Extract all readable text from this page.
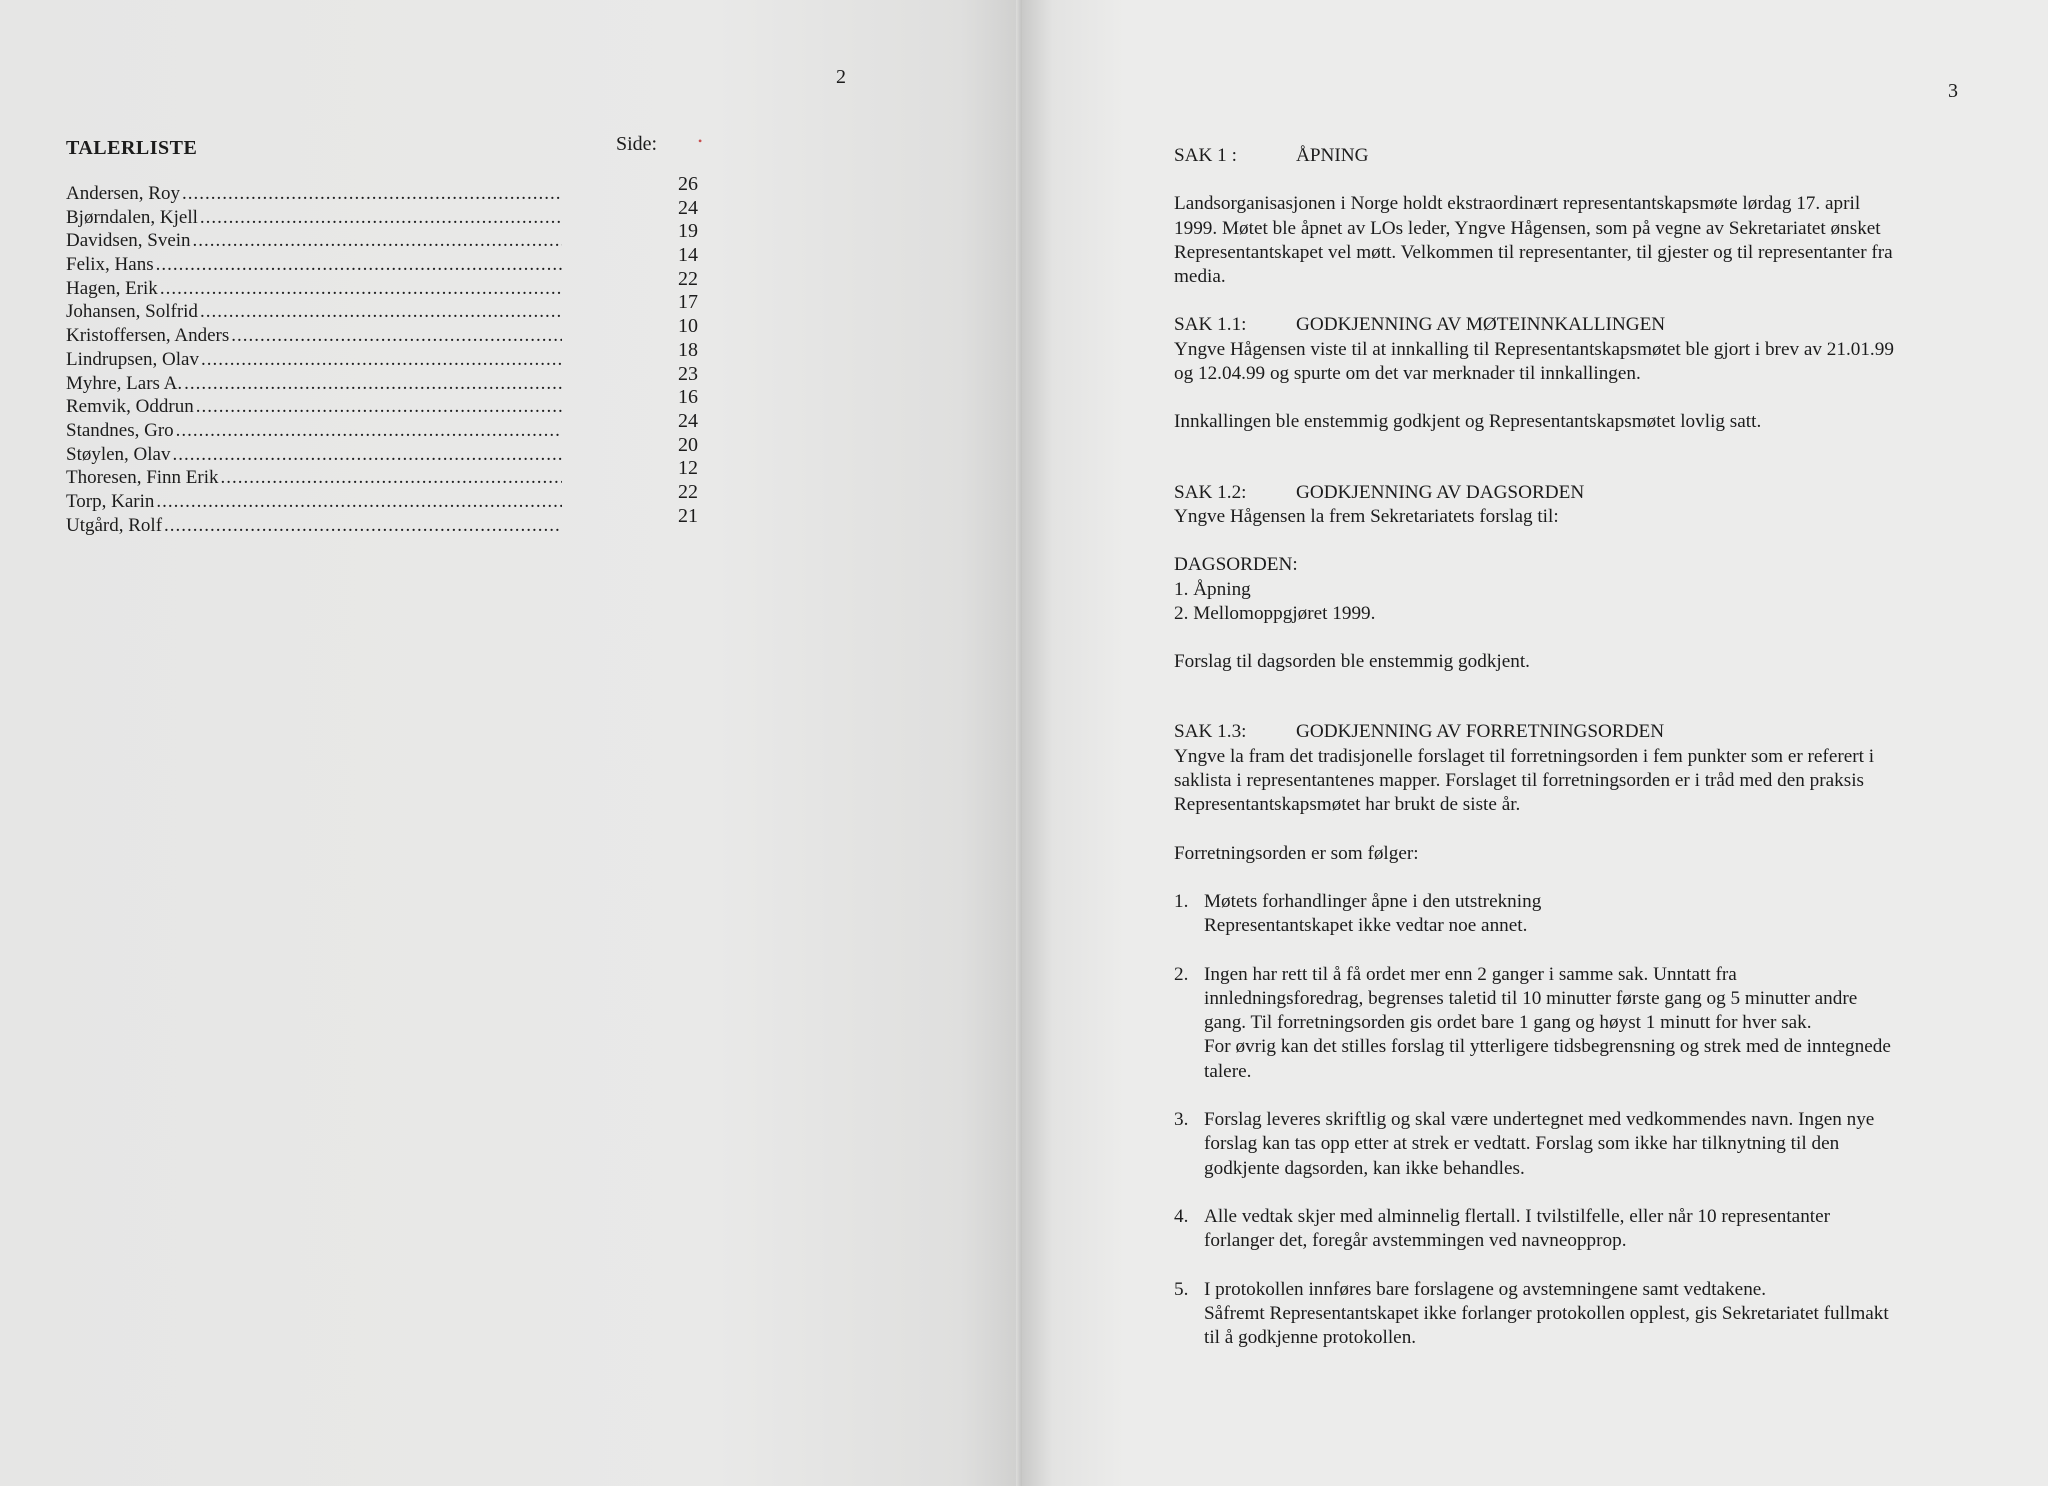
2
TALERLISTE	Side:	•
Andersen, Roy .....	26
Bjørndalen, Kjell .....	24
Davidsen, Svein .....	19
Felix, Hans .....	14
Hagen, Erik .....	22
Johansen, Solfrid .....	17
Kristoffersen, Anders .....	10
Lindrupsen, Olav .....	18
Myhre, Lars A. .....	23
Remvik, Oddrun .....	16
Standnes, Gro .....	24
Støylen, Olav .....	20
Thoresen, Finn Erik .....	12
Torp, Karin .....	22
Utgård, Rolf .....	21
3
SAK 1 :	ÅPNING

Landsorganisasjonen i Norge holdt ekstraordinært representantskapsmøte lørdag 17. april
1999. Møtet ble åpnet av LOs leder, Yngve Hågensen, som på vegne av Sekretariatet ønsket
Representantskapet vel møtt. Velkommen til representanter, til gjester og til representanter fra
media.

SAK 1.1:	GODKJENNING AV MØTEINNKALLINGEN

Yngve Hågensen viste til at innkalling til Representantskapsmøtet ble gjort i brev av 21.01.99
og 12.04.99 og spurte om det var merknader til innkallingen.

Innkallingen ble enstemmig godkjent og Representantskapsmøtet lovlig satt.

SAK 1.2:	GODKJENNING AV DAGSORDEN

Yngve Hågensen la frem Sekretariatets forslag til:

DAGSORDEN:

1. Åpning

2. Mellomoppgjøret 1999.

Forslag til dagsorden ble enstemmig godkjent.

SAK 1.3:	GODKJENNING AV FORRETNINGSORDEN

Yngve la fram det tradisjonelle forslaget til forretningsorden i fem punkter som er referert i
saklista i representantenes mapper. Forslaget til forretningsorden er i tråd med den praksis
Representantskapsmøtet har brukt de siste år.

Forretningsorden er som følger:

1. Møtets forhandlinger åpne i den utstrekning
Representantskapet ikke vedtar noe annet.
2. Ingen har rett til å få ordet mer enn 2 ganger i samme sak. Unntatt fra
innledningsforedrag, begrenses taletid til 10 minutter første gang og 5 minutter andre
gang. Til forretningsorden gis ordet bare 1 gang og høyst 1 minutt for hver sak.
For øvrig kan det stilles forslag til ytterligere tidsbegrensning og strek med de inntegnede
talere.
3. Forslag leveres skriftlig og skal være undertegnet med vedkommendes navn. Ingen nye
forslag kan tas opp etter at strek er vedtatt. Forslag som ikke har tilknytning til den
godkjente dagsorden, kan ikke behandles.
4. Alle vedtak skjer med alminnelig flertall. I tvilstilfelle, eller når 10 representanter
forlanger det, foregår avstemmingen ved navneopprop.
5. I protokollen innføres bare forslagene og avstemningene samt vedtakene.
Såfremt Representantskapet ikke forlanger protokollen opplest, gis Sekretariatet fullmakt
til å godkjenne protokollen.
